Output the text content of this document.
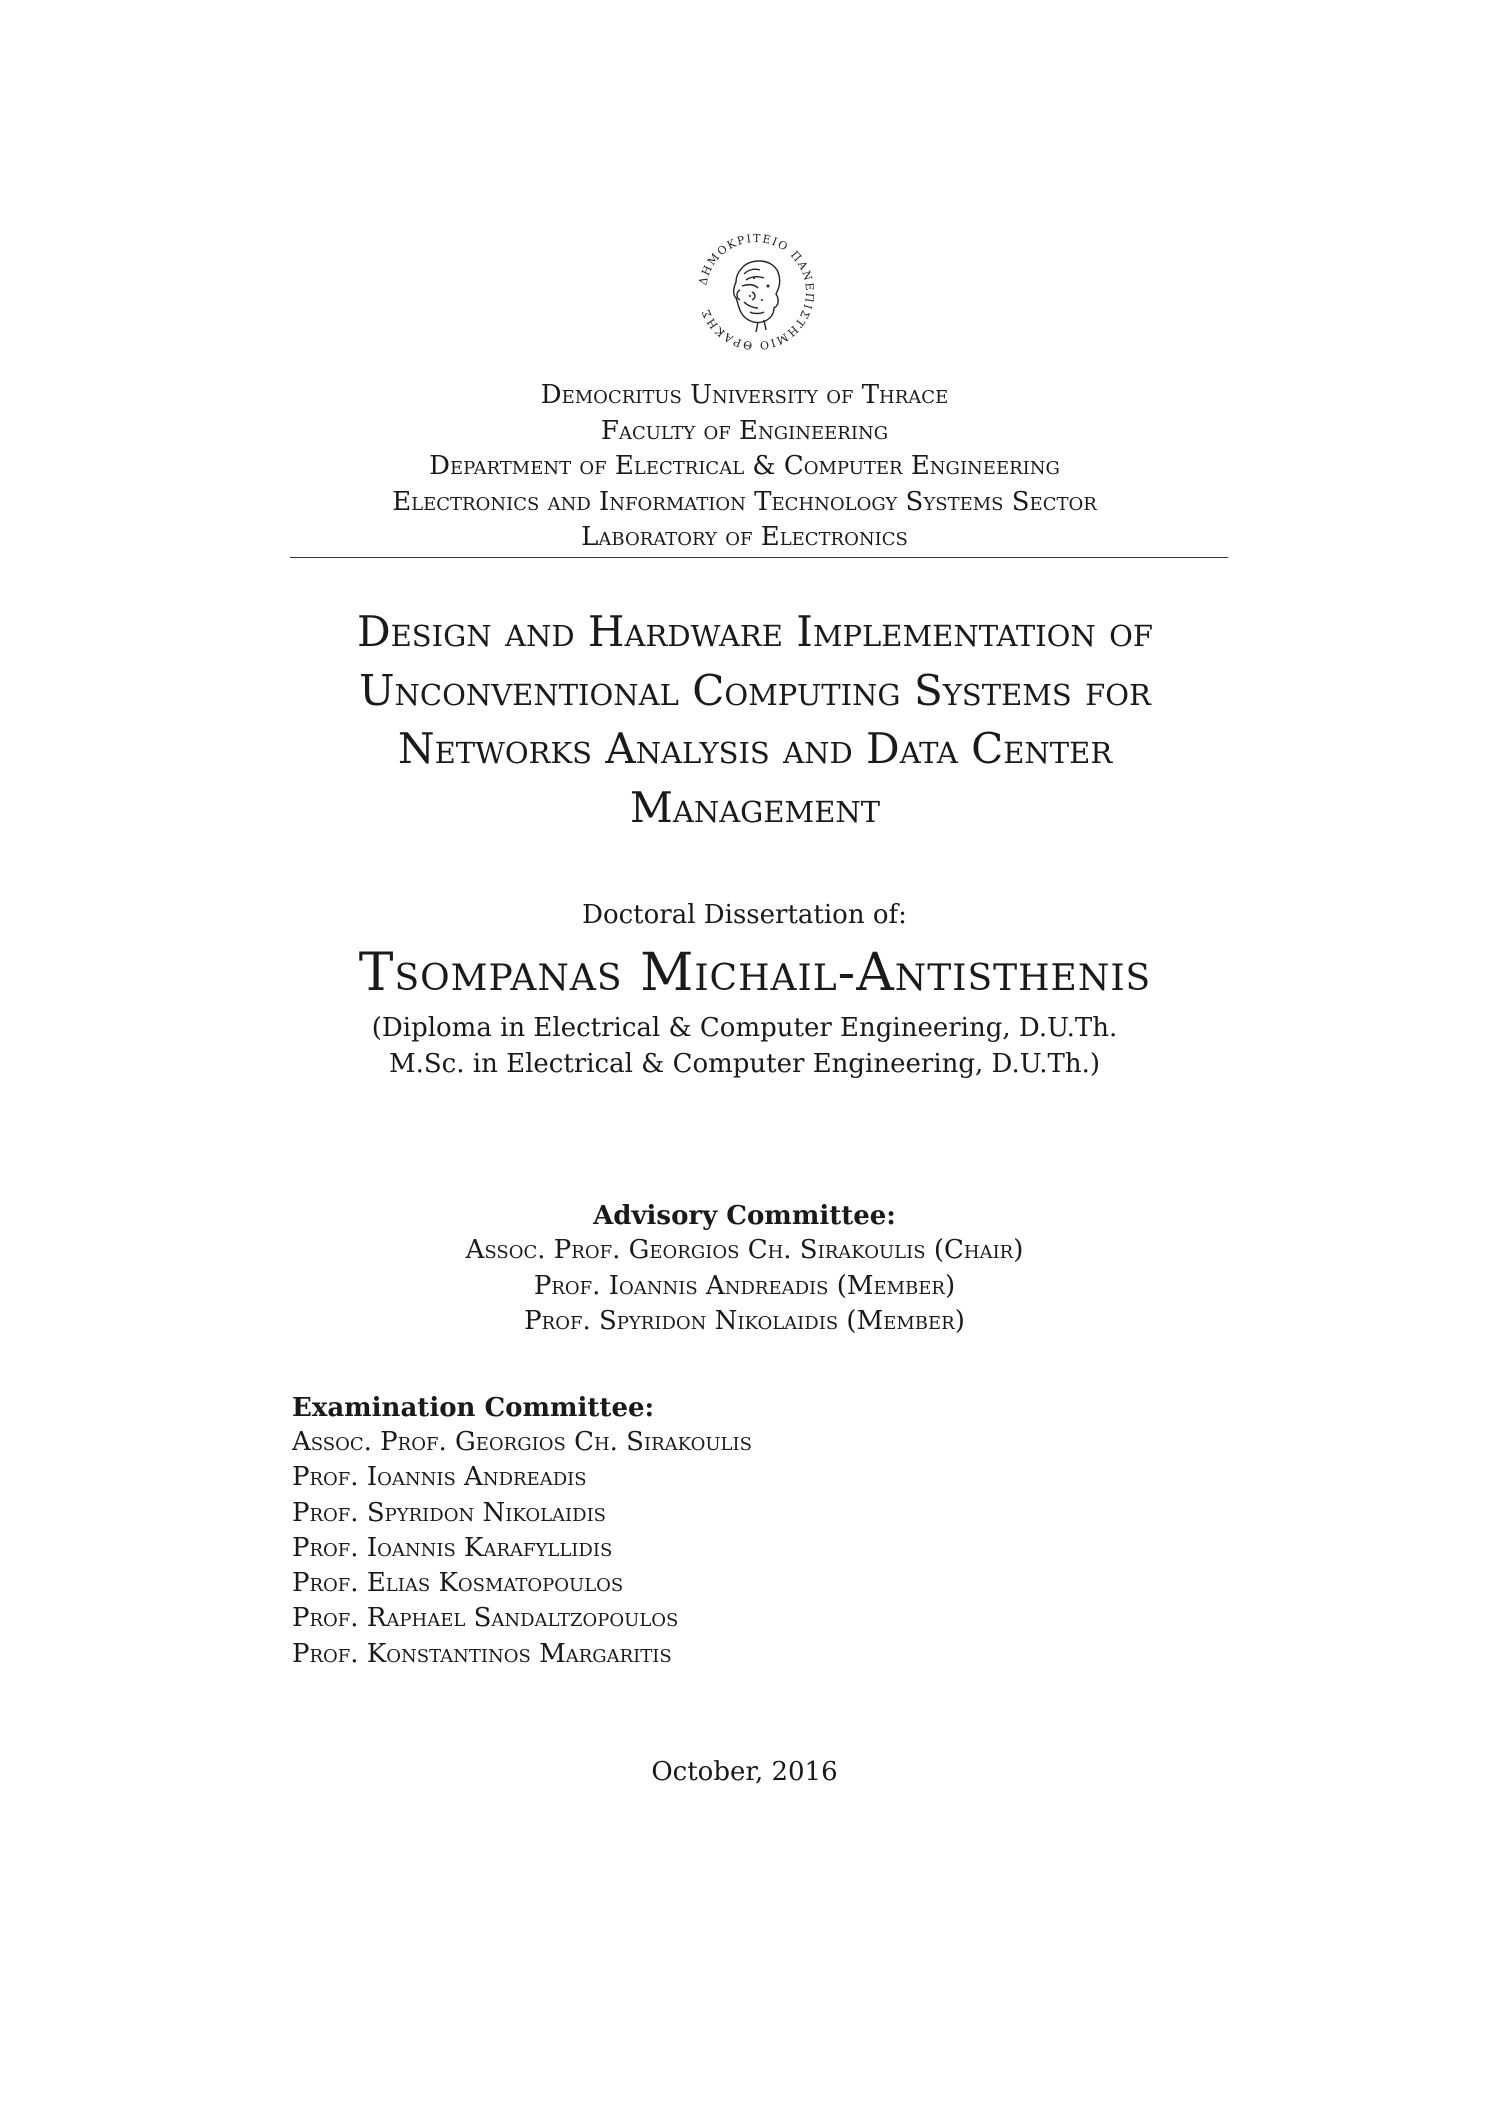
ΔΗΜΟΚΡΙΤΕΙΟ ΠΑΝΕΠΙΣΤΗΜΙΟ ΘΡΑΚΗΣ
Democritus University of Thrace
Faculty of Engineering
Department of Electrical & Computer Engineering
Electronics and Information Technology Systems Sector
Laboratory of Electronics
Design and Hardware Implementation of
Unconventional Computing Systems for
Networks Analysis and Data Center
Management
Doctoral Dissertation of:
Tsompanas Michail-Antisthenis
(Diploma in Electrical & Computer Engineering, D.U.Th.
M.Sc. in Electrical & Computer Engineering, D.U.Th.)
Advisory Committee:
Assoc. Prof. Georgios Ch. Sirakoulis (Chair)
Prof. Ioannis Andreadis (Member)
Prof. Spyridon Nikolaidis (Member)
Examination Committee:
Assoc. Prof. Georgios Ch. Sirakoulis
Prof. Ioannis Andreadis
Prof. Spyridon Nikolaidis
Prof. Ioannis Karafyllidis
Prof. Elias Kosmatopoulos
Prof. Raphael Sandaltzopoulos
Prof. Konstantinos Margaritis
October, 2016
